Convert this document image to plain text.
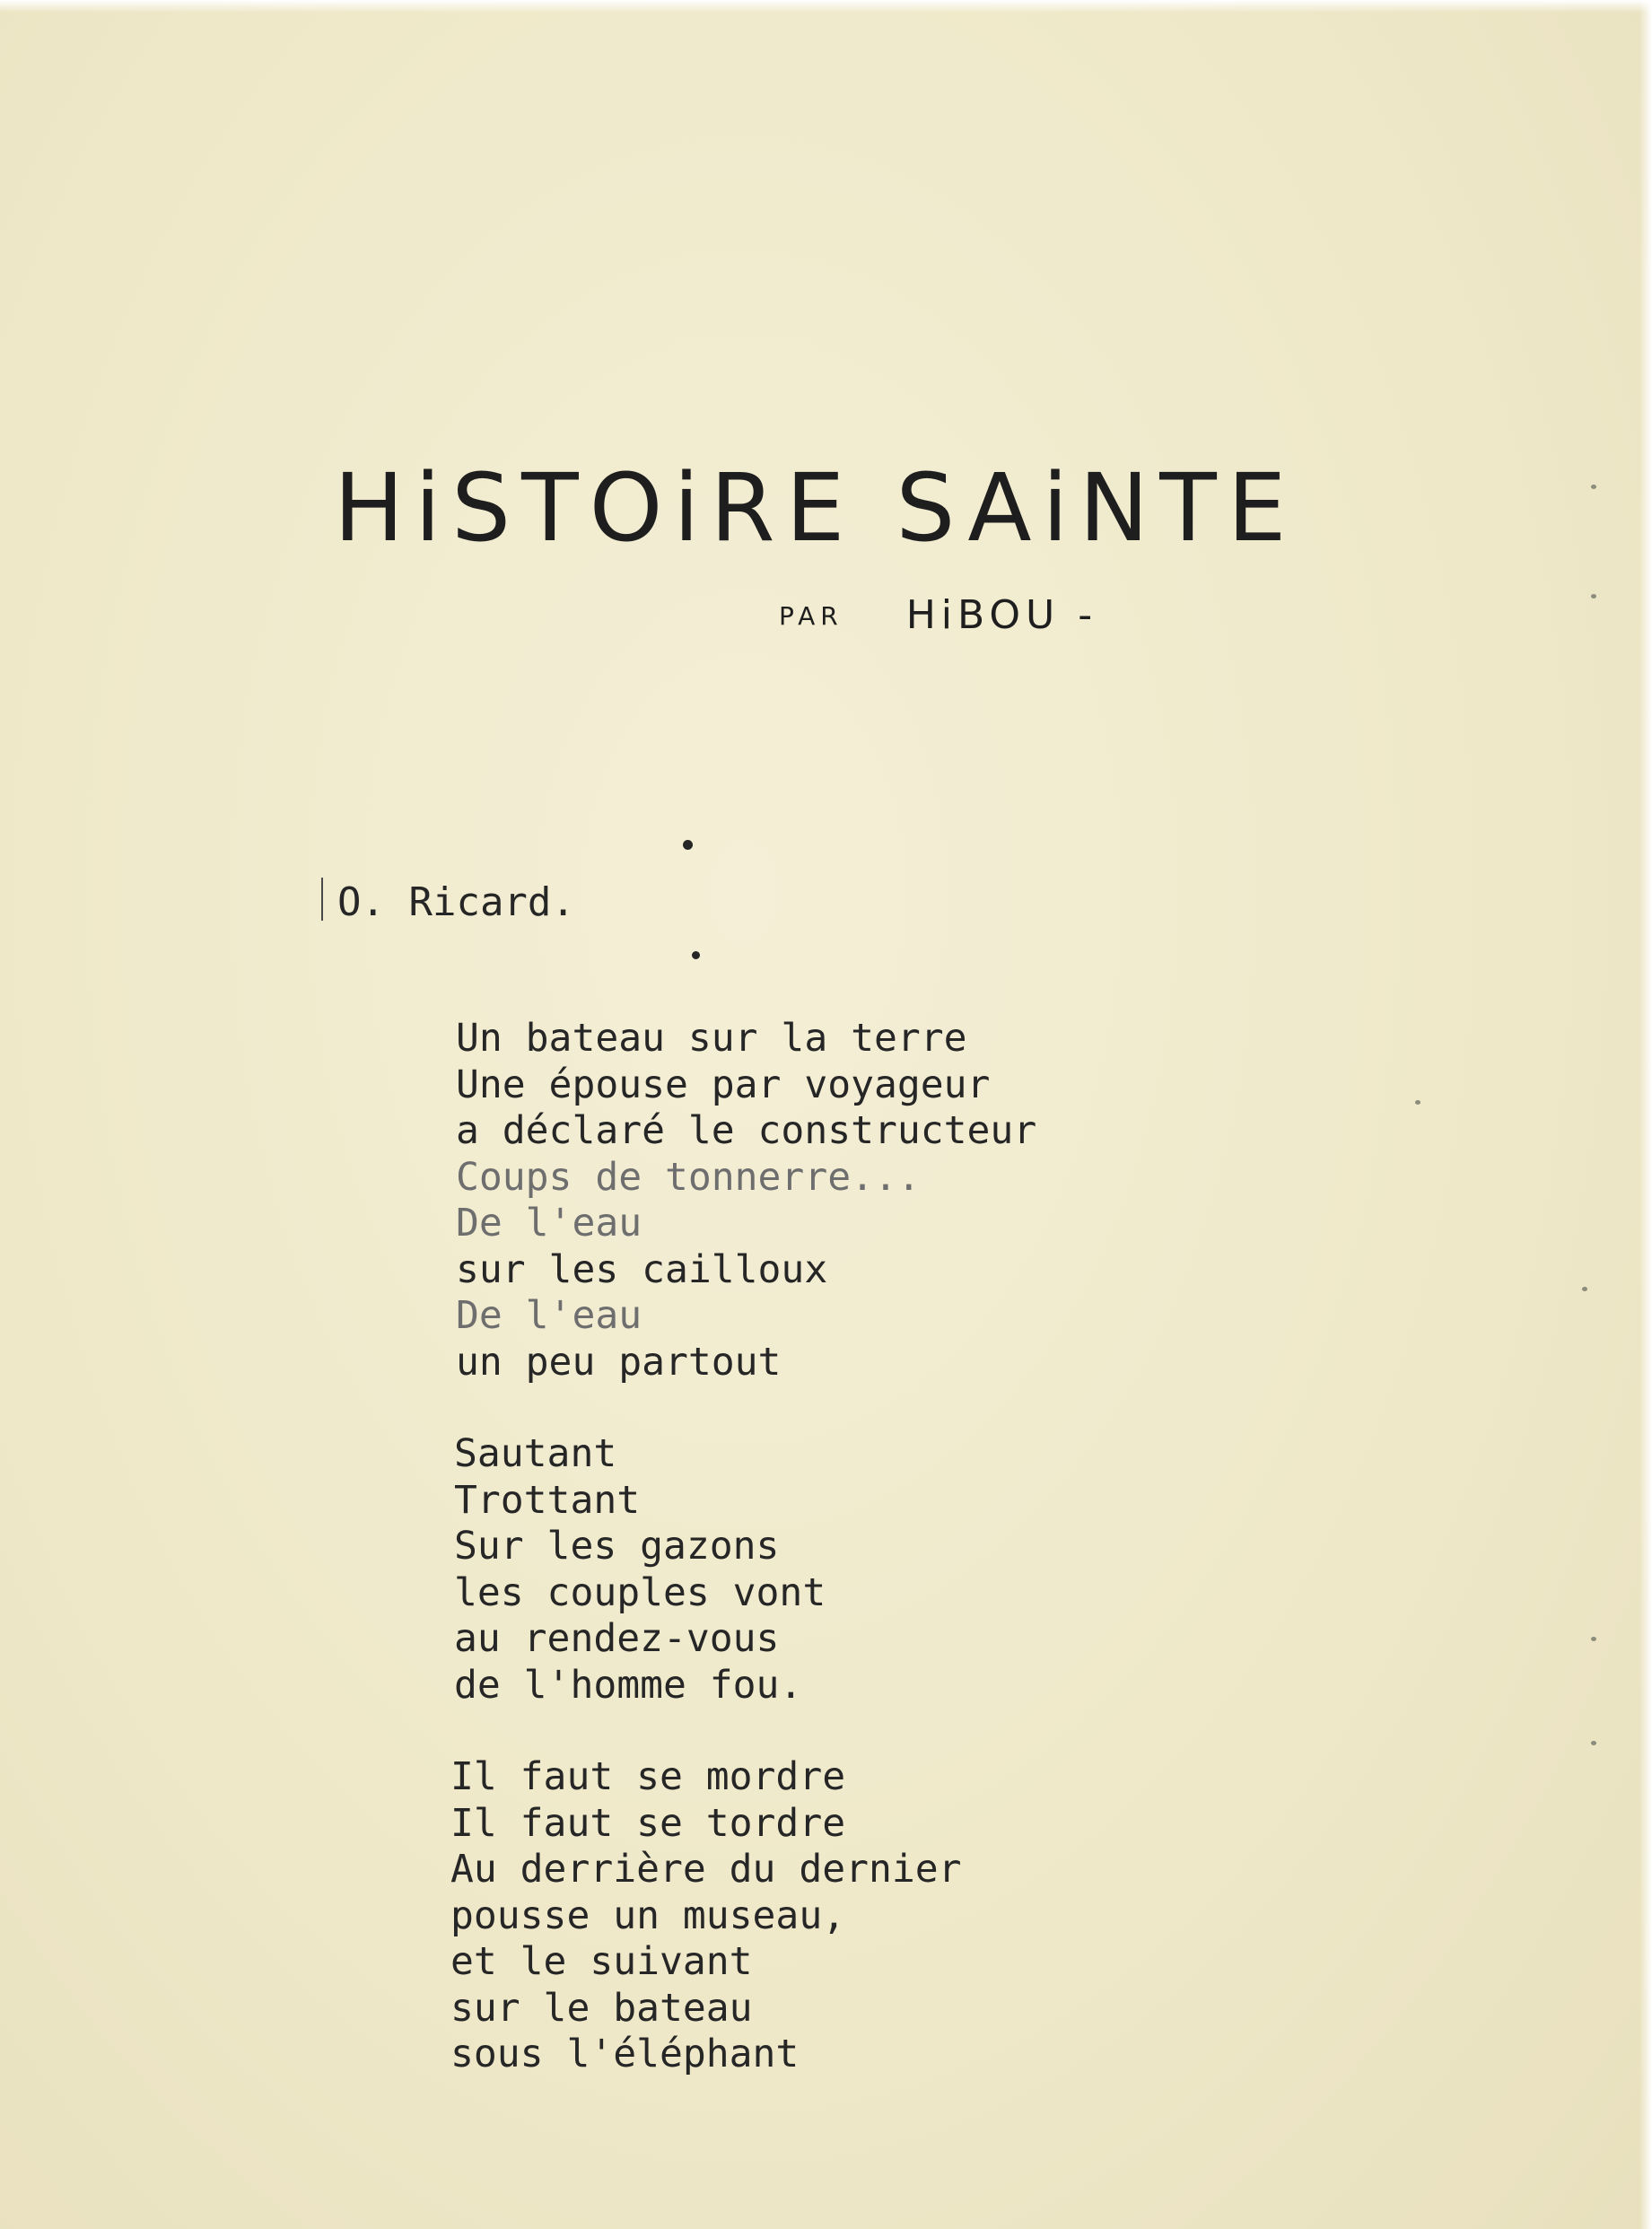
HiSTOiRE SAiNTE
PAR HiBOU -
O. Ricard.
Un bateau sur la terre
Une épouse par voyageur
a déclaré le constructeur
Coups de tonnerre...
De l'eau
sur les cailloux
De l'eau
un peu partout
Sautant
Trottant
Sur les gazons
les couples vont
au rendez-vous
de l'homme fou.
Il faut se mordre
Il faut se tordre
Au derrière du dernier
pousse un museau,
et le suivant
sur le bateau
sous l'éléphant
